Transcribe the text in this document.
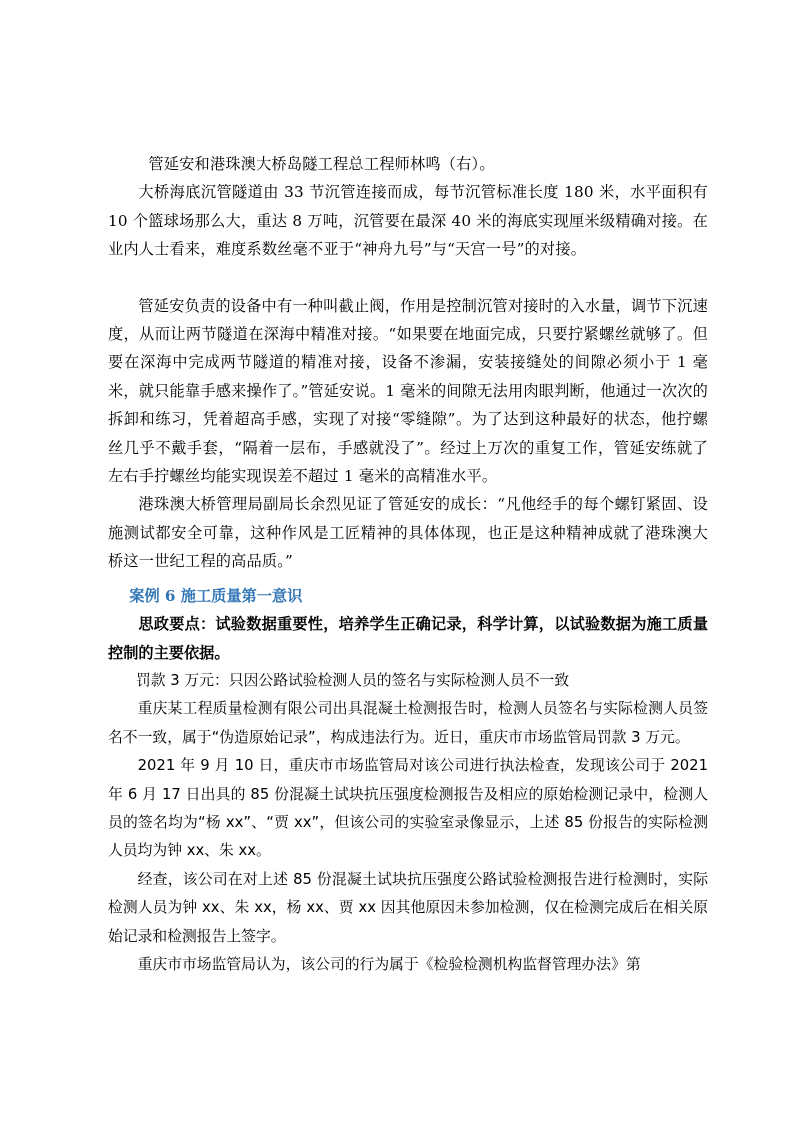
管延安和港珠澳大桥岛隧工程总工程师林鸣（右）。

大桥海底沉管隧道由 33 节沉管连接而成，每节沉管标准长度 180 米，水平面积有 10 个篮球场那么大，重达 8 万吨，沉管要在最深 40 米的海底实现厘米级精确对接。在业内人士看来，难度系数丝毫不亚于“神舟九号”与“天宫一号”的对接。

管延安负责的设备中有一种叫截止阀，作用是控制沉管对接时的入水量，调节下沉速度，从而让两节隧道在深海中精准对接。“如果要在地面完成，只要拧紧螺丝就够了。但要在深海中完成两节隧道的精准对接，设备不渗漏，安装接缝处的间隙必须小于 1 毫米，就只能靠手感来操作了。”管延安说。1 毫米的间隙无法用肉眼判断，他通过一次次的拆卸和练习，凭着超高手感，实现了对接“零缝隙”。为了达到这种最好的状态，他拧螺丝几乎不戴手套，“隔着一层布，手感就没了”。经过上万次的重复工作，管延安练就了左右手拧螺丝均能实现误差不超过 1 毫米的高精准水平。

港珠澳大桥管理局副局长余烈见证了管延安的成长：“凡他经手的每个螺钉紧固、设施测试都安全可靠，这种作风是工匠精神的具体体现，也正是这种精神成就了港珠澳大桥这一世纪工程的高品质。”

案例 6 施工质量第一意识

思政要点：试验数据重要性，培养学生正确记录，科学计算，以试验数据为施工质量控制的主要依据。

罚款 3 万元：只因公路试验检测人员的签名与实际检测人员不一致

重庆某工程质量检测有限公司出具混凝土检测报告时，检测人员签名与实际检测人员签名不一致，属于“伪造原始记录”，构成违法行为。近日，重庆市市场监管局罚款 3 万元。

2021 年 9 月 10 日，重庆市市场监管局对该公司进行执法检查，发现该公司于 2021 年 6 月 17 日出具的 85 份混凝土试块抗压强度检测报告及相应的原始检测记录中，检测人员的签名均为“杨 xx”、“贾 xx”，但该公司的实验室录像显示，上述 85 份报告的实际检测人员均为钟 xx、朱 xx。

经查，该公司在对上述 85 份混凝土试块抗压强度公路试验检测报告进行检测时，实际检测人员为钟 xx、朱 xx，杨 xx、贾 xx 因其他原因未参加检测，仅在检测完成后在相关原始记录和检测报告上签字。

重庆市市场监管局认为，该公司的行为属于《检验检测机构监督管理办法》第
